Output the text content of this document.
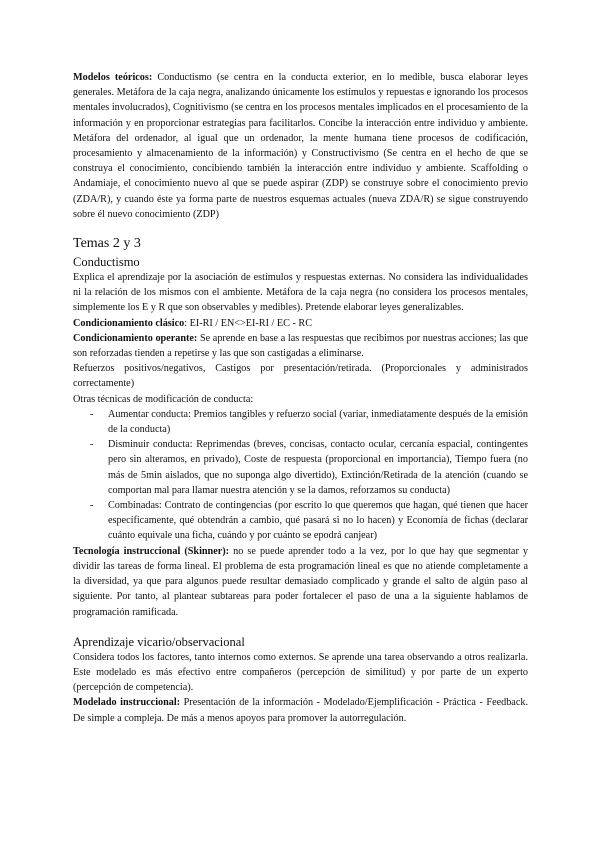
Modelos teóricos: Conductismo (se centra en la conducta exterior, en lo medible, busca elaborar leyes generales. Metáfora de la caja negra, analizando únicamente los estímulos y repuestas e ignorando los procesos mentales involucrados), Cognitivismo (se centra en los procesos mentales implicados en el procesamiento de la información y en proporcionar estrategias para facilitarlos. Concibe la interacción entre individuo y ambiente. Metáfora del ordenador, al igual que un ordenador, la mente humana tiene procesos de codificación, procesamiento y almacenamiento de la información) y Constructivismo (Se centra en el hecho de que se construya el conocimiento, concibiendo también la interacción entre individuo y ambiente. Scaffolding o Andamiaje, el conocimiento nuevo al que se puede aspirar (ZDP) se construye sobre el conocimiento previo (ZDA/R), y cuando éste ya forma parte de nuestros esquemas actuales (nueva ZDA/R) se sigue construyendo sobre él nuevo conocimiento (ZDP)

Temas 2 y 3
Conductismo

Explica el aprendizaje por la asociación de estímulos y respuestas externas. No considera las individualidades ni la relación de los mismos con el ambiente. Metáfora de la caja negra (no considera los procesos mentales, simplemente los E y R que son observables y medibles). Pretende elaborar leyes generalizables.

Condicionamiento clásico: EI-RI / EN<>EI-RI / EC - RC

Condicionamiento operante: Se aprende en base a las respuestas que recibimos por nuestras acciones; las que son reforzadas tienden a repetirse y las que son castigadas a eliminarse.

Refuerzos positivos/negativos, Castigos por presentación/retirada. (Proporcionales y administrados correctamente)

Otras técnicas de modificación de conducta:

- Aumentar conducta: Premios tangibles y refuerzo social (variar, inmediatamente después de la emisión de la conducta)
- Disminuir conducta: Reprimendas (breves, concisas, contacto ocular, cercanía espacial, contingentes pero sin alteramos, en privado), Coste de respuesta (proporcional en importancia), Tiempo fuera (no más de 5min aislados, que no suponga algo divertido), Extinción/Retirada de la atención (cuando se comportan mal para llamar nuestra atención y se la damos, reforzamos su conducta)
- Combinadas: Contrato de contingencias (por escrito lo que queremos que hagan, qué tienen que hacer específicamente, qué obtendrán a cambio, qué pasará si no lo hacen) y Economía de fichas (declarar cuánto equivale una ficha, cuándo y por cuánto se epodrá canjear)

Tecnología instruccional (Skinner): no se puede aprender todo a la vez, por lo que hay que segmentar y dividir las tareas de forma lineal. El problema de esta programación lineal es que no atiende completamente a la diversidad, ya que para algunos puede resultar demasiado complicado y grande el salto de algún paso al siguiente. Por tanto, al plantear subtareas para poder fortalecer el paso de una a la siguiente hablamos de programación ramificada.

Aprendizaje vicario/observacional

Considera todos los factores, tanto internos como externos. Se aprende una tarea observando a otros realizarla. Este modelado es más efectivo entre compañeros (percepción de similitud) y por parte de un experto (percepción de competencia).

Modelado instruccional: Presentación de la información - Modelado/Ejemplificación - Práctica - Feedback. De simple a compleja. De más a menos apoyos para promover la autorregulación.
